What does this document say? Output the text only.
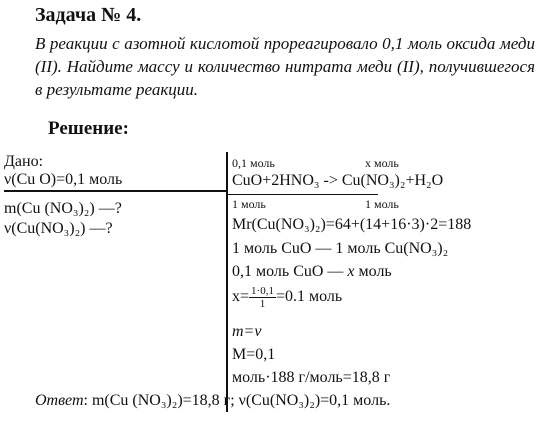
Задача № 4.
В реакции с азотной кислотой прореагировало 0,1 моль оксида меди (II). Найдите массу и количество нитрата меди (II), получившегося в результате реакции.
Решение:
Дано:
ν(Cu O)=0,1 моль
m(Cu (NO₃)₂) —?
ν(Cu(NO₃)₂) —?
0,1 моль	x моль
CuO+2HNO₃ -> Cu(NO₃)₂+H₂O
1 моль	1 моль
Mr(Cu(NO₃)₂)=64+(14+16·3)·2=188
1 моль CuO — 1 моль Cu(NO₃)₂
0,1 моль CuO — x моль
$x= \frac{1\cdot 0,1}{1} =0.1$ моль
m=ν
M=0,1
моль·188 г/моль=18,8 г
Ответ: m(Cu (NO₃)₂)=18,8 г; ν(Cu(NO₃)₂)=0,1 моль.
